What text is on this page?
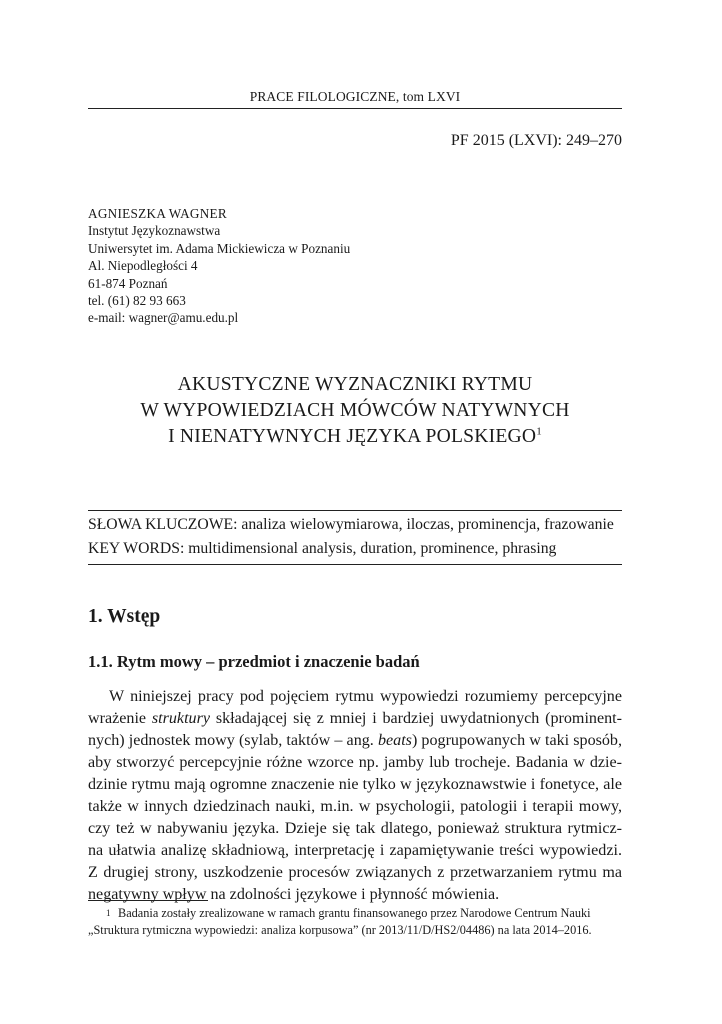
PRACE FILOLOGICZNE, tom LXVI
PF 2015 (LXVI): 249–270
AGNIESZKA WAGNER
Instytut Językoznawstwa
Uniwersytet im. Adama Mickiewicza w Poznaniu
Al. Niepodległości 4
61-874 Poznań
tel. (61) 82 93 663
e-mail: wagner@amu.edu.pl
AKUSTYCZNE WYZNACZNIKI RYTMU
W WYPOWIEDZIACH MÓWCÓW NATYWNYCH
I NIENATYWNYCH JĘZYKA POLSKIEGO$^1$
SŁOWA KLUCZOWE: analiza wielowymiarowa, iloczas, prominencja, frazowanie
KEY WORDS: multidimensional analysis, duration, prominence, phrasing
1. Wstęp
1.1. Rytm mowy – przedmiot i znaczenie badań
W niniejszej pracy pod pojęciem rytmu wypowiedzi rozumiemy percepcyjne
wrażenie struktury składającej się z mniej i bardziej uwydatnionych (prominent-
nych) jednostek mowy (sylab, taktów – ang. beats) pogrupowanych w taki sposób,
aby stworzyć percepcyjnie różne wzorce np. jamby lub trocheje. Badania w dzie-
dzinie rytmu mają ogromne znaczenie nie tylko w językoznawstwie i fonetyce, ale
także w innych dziedzinach nauki, m.in. w psychologii, patologii i terapii mowy,
czy też w nabywaniu języka. Dzieje się tak dlatego, ponieważ struktura rytmicz-
na ułatwia analizę składniową, interpretację i zapamiętywanie treści wypowiedzi.
Z drugiej strony, uszkodzenie procesów związanych z przetwarzaniem rytmu ma
negatywny wpływ na zdolności językowe i płynność mówienia.
1 Badania zostały zrealizowane w ramach grantu finansowanego przez Narodowe Centrum Nauki
„Struktura rytmiczna wypowiedzi: analiza korpusowa” (nr 2013/11/D/HS2/04486) na lata 2014–2016.
